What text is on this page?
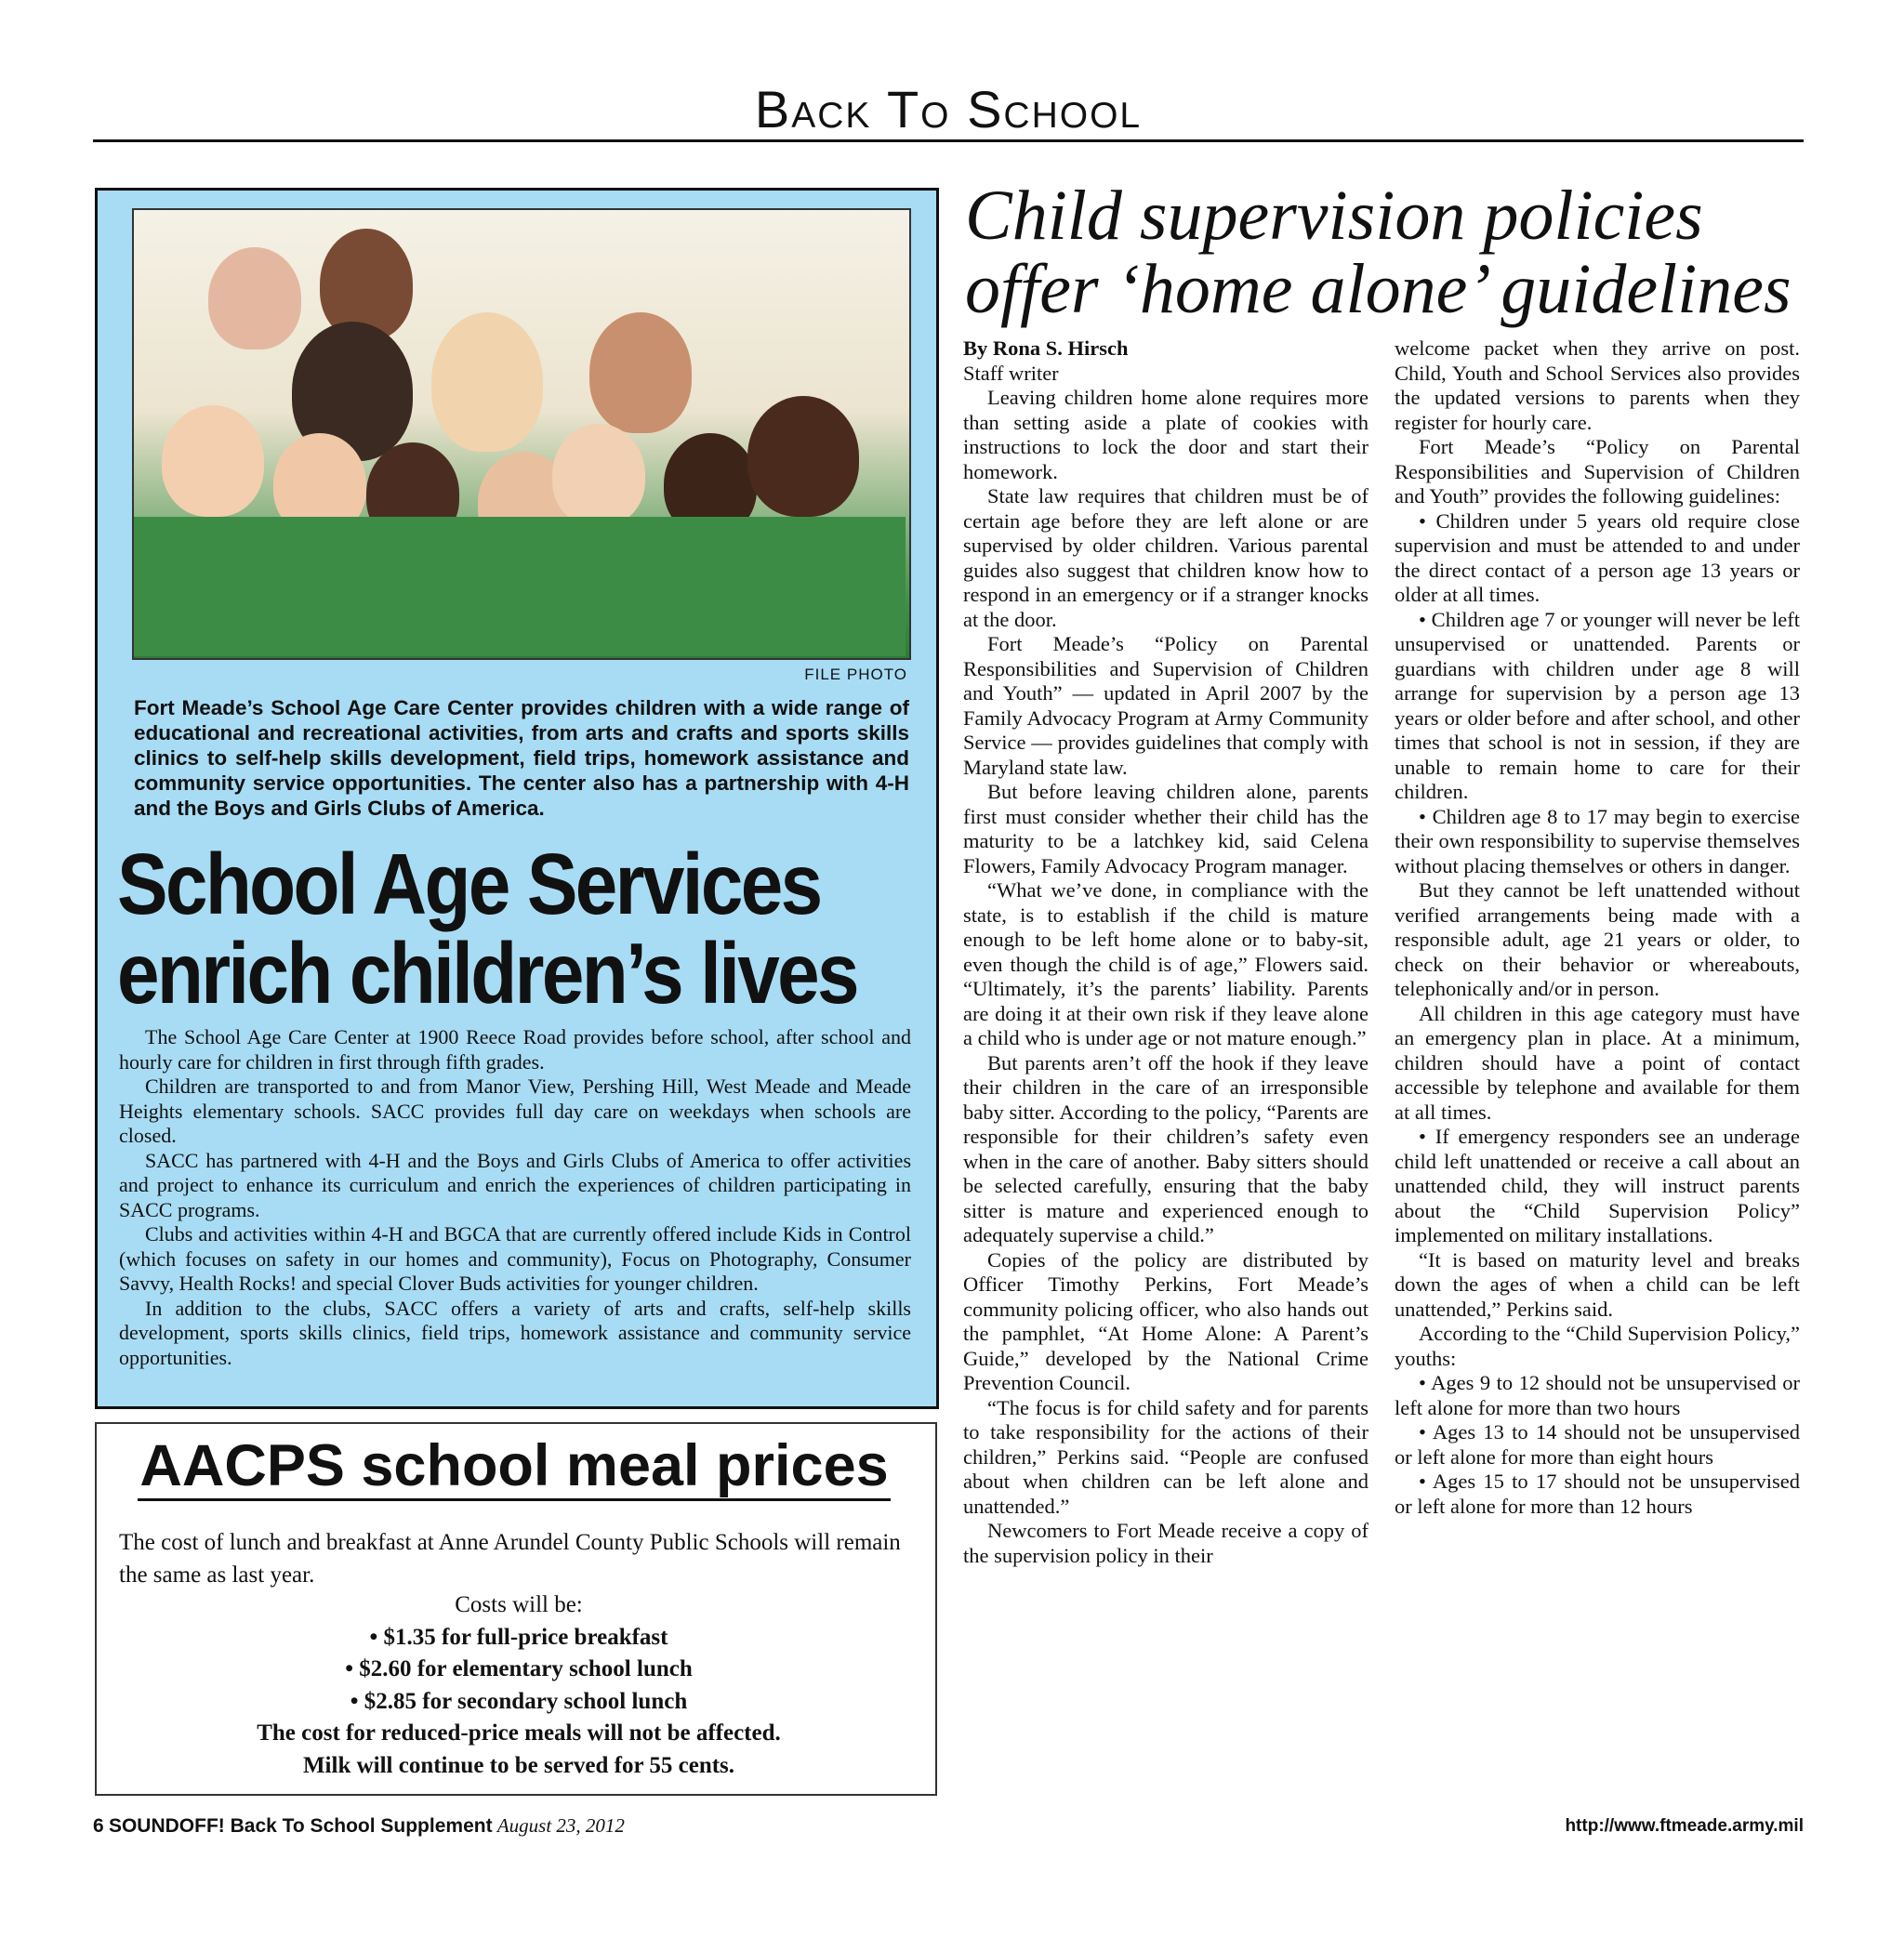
Back To School
FILE PHOTO
Fort Meade’s School Age Care Center provides children with a wide range of educational and recreational activities, from arts and crafts and sports skills clinics to self-help skills development, field trips, homework assistance and community service opportunities. The center also has a partnership with 4-H and the Boys and Girls Clubs of America.
School Age Services
enrich children’s lives

The School Age Care Center at 1900 Reece Road provides before school, after school and hourly care for children in first through fifth grades.

Children are transported to and from Manor View, Pershing Hill, West Meade and Meade Heights elementary schools. SACC provides full day care on weekdays when schools are closed.

SACC has partnered with 4-H and the Boys and Girls Clubs of America to offer activities and project to enhance its curriculum and enrich the experiences of children participating in SACC programs.

Clubs and activities within 4-H and BGCA that are currently offered include Kids in Control (which focuses on safety in our homes and community), Focus on Photography, Consumer Savvy, Health Rocks! and special Clover Buds activities for younger children.

In addition to the clubs, SACC offers a variety of arts and crafts, self-help skills development, sports skills clinics, field trips, homework assistance and community service opportunities.

AACPS school meal prices
The cost of lunch and breakfast at Anne Arundel County Public Schools will remain the same as last year.
Costs will be:
• $1.35 for full-price breakfast
• $2.60 for elementary school lunch
• $2.85 for secondary school lunch
The cost for reduced-price meals will not be affected.
Milk will continue to be served for 55 cents.
Child supervision policies
offer ‘home alone’ guidelines

By Rona S. Hirsch

Staff writer

Leaving children home alone requires more than setting aside a plate of cookies with instructions to lock the door and start their homework.

State law requires that children must be of certain age before they are left alone or are supervised by older children. Various parental guides also suggest that children know how to respond in an emergency or if a stranger knocks at the door.

Fort Meade’s “Policy on Parental Responsibilities and Supervision of Children and Youth” — updated in April 2007 by the Family Advocacy Program at Army Community Service — provides guidelines that comply with Maryland state law.

But before leaving children alone, parents first must consider whether their child has the maturity to be a latchkey kid, said Celena Flowers, Family Advocacy Program manager.

“What we’ve done, in compliance with the state, is to establish if the child is mature enough to be left home alone or to baby-sit, even though the child is of age,” Flowers said. “Ultimately, it’s the parents’ liability. Parents are doing it at their own risk if they leave alone a child who is under age or not mature enough.”

But parents aren’t off the hook if they leave their children in the care of an irresponsible baby sitter. According to the policy, “Parents are responsible for their children’s safety even when in the care of another. Baby sitters should be selected carefully, ensuring that the baby sitter is mature and experienced enough to adequately supervise a child.”

Copies of the policy are distributed by Officer Timothy Perkins, Fort Meade’s community policing officer, who also hands out the pamphlet, “At Home Alone: A Parent’s Guide,” developed by the National Crime Prevention Council.

“The focus is for child safety and for parents to take responsibility for the actions of their children,” Perkins said. “People are confused about when children can be left alone and unattended.”

Newcomers to Fort Meade receive a copy of the supervision policy in their

welcome packet when they arrive on post. Child, Youth and School Services also provides the updated versions to parents when they register for hourly care.

Fort Meade’s “Policy on Parental Responsibilities and Supervision of Children and Youth” provides the following guidelines:

• Children under 5 years old require close supervision and must be attended to and under the direct contact of a person age 13 years or older at all times.

• Children age 7 or younger will never be left unsupervised or unattended. Parents or guardians with children under age 8 will arrange for supervision by a person age 13 years or older before and after school, and other times that school is not in session, if they are unable to remain home to care for their children.

• Children age 8 to 17 may begin to exercise their own responsibility to supervise themselves without placing themselves or others in danger.

But they cannot be left unattended without verified arrangements being made with a responsible adult, age 21 years or older, to check on their behavior or whereabouts, telephonically and/or in person.

All children in this age category must have an emergency plan in place. At a minimum, children should have a point of contact accessible by telephone and available for them at all times.

• If emergency responders see an underage child left unattended or receive a call about an unattended child, they will instruct parents about the “Child Supervision Policy” implemented on military installations.

“It is based on maturity level and breaks down the ages of when a child can be left unattended,” Perkins said.

According to the “Child Supervision Policy,” youths:

• Ages 9 to 12 should not be unsupervised or left alone for more than two hours

• Ages 13 to 14 should not be unsupervised or left alone for more than eight hours

• Ages 15 to 17 should not be unsupervised or left alone for more than 12 hours

6 SOUNDOFF! Back To School Supplement August 23, 2012	http://www.ftmeade.army.mil
